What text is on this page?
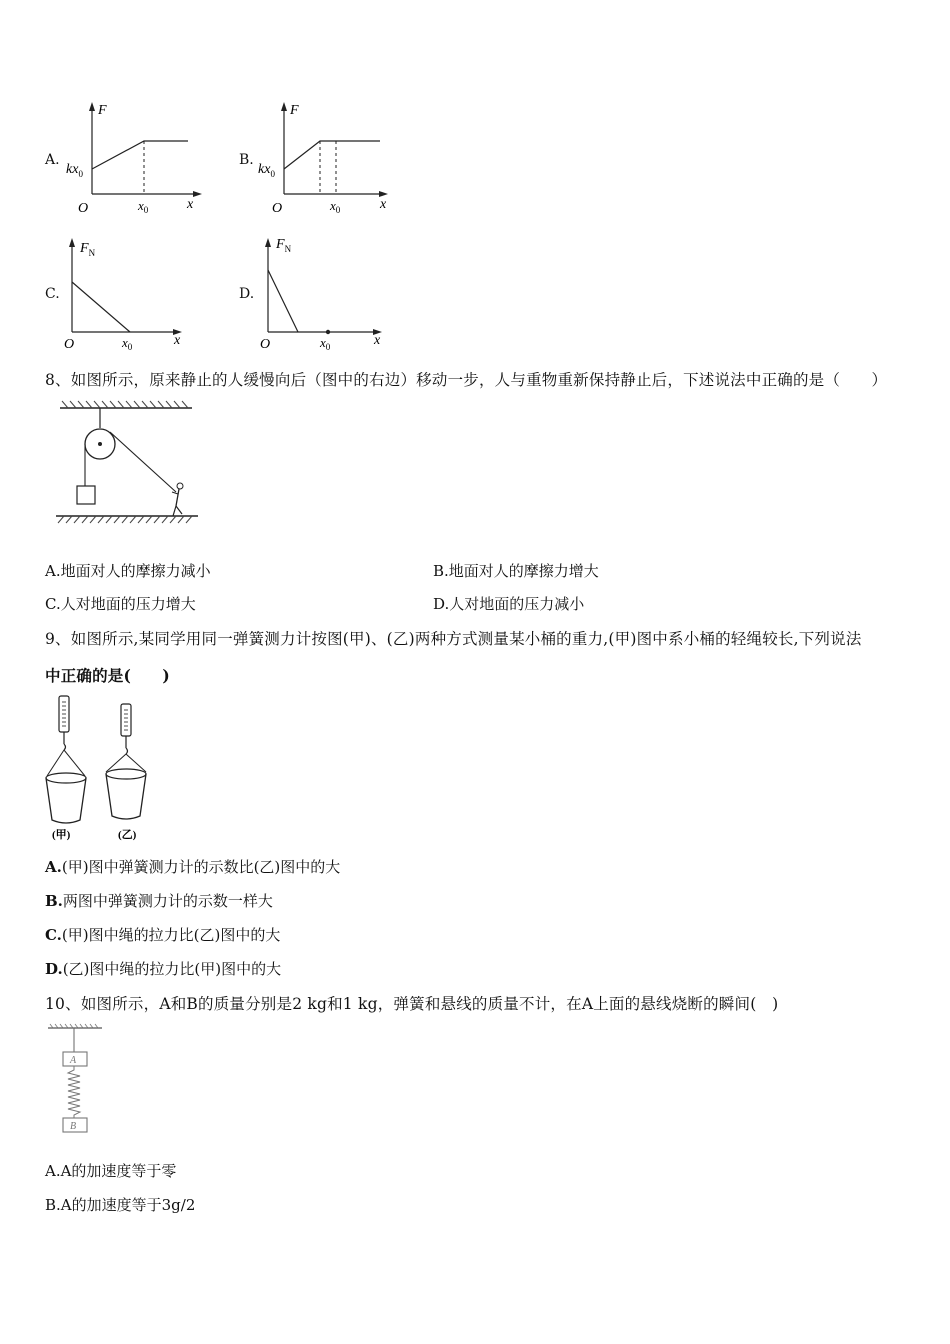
A.
F
O	x
$kx_0$
$x_0$
B.
F
O	x
$kx_0$
$x_0$
C.
$F_N$
O	x
$x_0$
D.
$F_N$
O	x
$x_0$
8、如图所示，原来静止的人缓慢向后（图中的右边）移动一步，人与重物重新保持静止后，下述说法中正确的是（　　）
A.地面对人的摩擦力减小	B.地面对人的摩擦力增大
C.人对地面的压力增大	D.人对地面的压力减小
9、如图所示,某同学用同一弹簧测力计按图(甲)、(乙)两种方式测量某小桶的重力,(甲)图中系小桶的轻绳较长,下列说法
中正确的是(　　)
(甲)	(乙)
A.(甲)图中弹簧测力计的示数比(乙)图中的大
B.两图中弹簧测力计的示数一样大
C.(甲)图中绳的拉力比(乙)图中的大
D.(乙)图中绳的拉力比(甲)图中的大
10、如图所示，A和B的质量分别是2 kg和1 kg，弹簧和悬线的质量不计，在A上面的悬线烧断的瞬间(　)
A
B
A.A的加速度等于零
B.A的加速度等于3g/2
